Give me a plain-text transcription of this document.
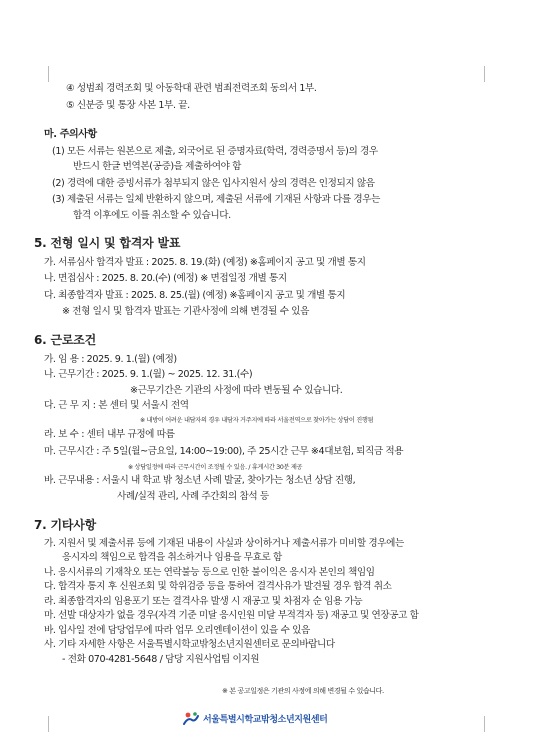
④ 성범죄 경력조회 및 아동학대 관련 범죄전력조회 동의서 1부.
⑤ 신분증 및 통장 사본 1부. 끝.
마. 주의사항
(1) 모든 서류는 원본으로 제출, 외국어로 된 증명자료(학력, 경력증명서 등)의 경우
반드시 한글 번역본(공증)을 제출하여야 함
(2) 경력에 대한 증빙서류가 첨부되지 않은 입사지원서 상의 경력은 인정되지 않음
(3) 제출된 서류는 일체 반환하지 않으며, 제출된 서류에 기재된 사항과 다를 경우는
합격 이후에도 이를 취소할 수 있습니다.
5. 전형 일시 및 합격자 발표
가. 서류심사 합격자 발표 : 2025. 8. 19.(화) (예정) ※홈페이지 공고 및 개별 통지
나. 면접심사 : 2025. 8. 20.(수) (예정) ※ 면접일정 개별 통지
다. 최종합격자 발표 : 2025. 8. 25.(월) (예정) ※홈페이지 공고 및 개별 통지
※ 전형 일시 및 합격자 발표는 기관사정에 의해 변경될 수 있음
6. 근로조건
가. 임 용 : 2025. 9. 1.(월) (예정)
나. 근무기간 : 2025. 9. 1.(월) ~ 2025. 12. 31.(수)
※근무기간은 기관의 사정에 따라 변동될 수 있습니다.
다. 근 무 지 : 본 센터 및 서울시 전역
※ 내방이 어려운 내담자의 경우 내담자 거주지에 따라 서울전역으로 찾아가는 상담이 진행됨
라. 보 수 : 센터 내부 규정에 따름
마. 근무시간 : 주 5일(월~금요일, 14:00~19:00), 주 25시간 근무 ※4대보험, 퇴직금 적용
※ 상담일정에 따라 근무시간이 조정될 수 있음. / 휴게시간 30분 제공
바. 근무내용 : 서울시 내 학교 밖 청소년 사례 발굴, 찾아가는 청소년 상담 진행,
사례/실적 관리, 사례 주간회의 참석 등
7. 기타사항
가. 지원서 및 제출서류 등에 기재된 내용이 사실과 상이하거나 제출서류가 미비할 경우에는
응시자의 책임으로 합격을 취소하거나 임용을 무효로 함
나. 응시서류의 기재착오 또는 연락불능 등으로 인한 불이익은 응시자 본인의 책임임
다. 합격자 통지 후 신원조회 및 학위검증 등을 통하여 결격사유가 발견될 경우 합격 취소
라. 최종합격자의 임용포기 또는 결격사유 발생 시 재공고 및 차점자 순 임용 가능
마. 선발 대상자가 없을 경우(자격 기준 미달 응시인원 미달 부적격자 등) 재공고 및 연장공고 함
바. 입사일 전에 담당업무에 따라 업무 오리엔테이션이 있을 수 있음
사. 기타 자세한 사항은 서울특별시학교밖청소년지원센터로 문의바랍니다
- 전화 070-4281-5648 / 담당 지원사업팀 이지원
※ 본 공고일정은 기관의 사정에 의해 변경될 수 있습니다.
서울특별시학교밖청소년지원센터
